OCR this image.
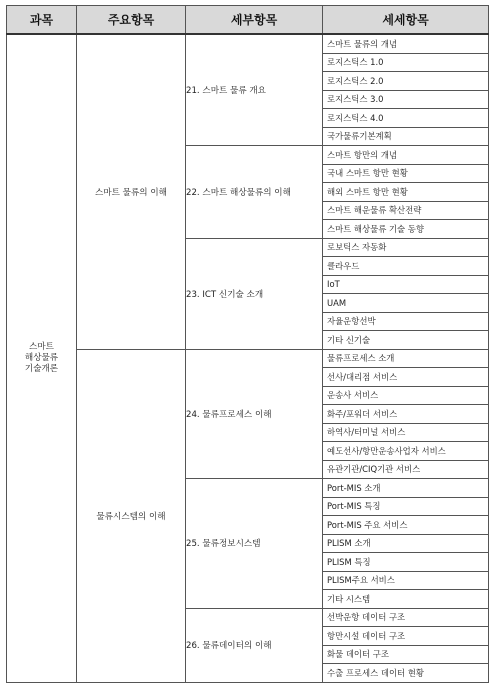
과목	주요항목	세부항목	세세항목
스마트
해상물류
기술개론	스마트 물류의 이해	21. 스마트 물류 개요	스마트 물류의 개념
			로지스틱스 1.0
			로지스틱스 2.0
			로지스틱스 3.0
			로지스틱스 4.0
			국가물류기본계획
		22. 스마트 해상물류의 이해	스마트 항만의 개념
			국내 스마트 항만 현황
			해외 스마트 항만 현황
			스마트 해운물류 확산전략
			스마트 해상물류 기술 동향
		23. ICT 신기술 소개	로보틱스 자동화
			클라우드
			IoT
			UAM
			자율운항선박
			기타 신기술
	물류시스템의 이해	24. 물류프로세스 이해	물류프로세스 소개
			선사/대리점 서비스
			운송사 서비스
			화주/포워더 서비스
			하역사/터미널 서비스
			예도선사/항만운송사업자 서비스
			유관기관/CIQ기관 서비스
		25. 물류정보시스템	Port-MIS 소개
			Port-MIS 특징
			Port-MIS 주요 서비스
			PLISM 소개
			PLISM 특징
			PLISM주요 서비스
			기타 시스템
		26. 물류데이터의 이해	선박운항 데이터 구조
			항만시설 데이터 구조
			화물 데이터 구조
			수출 프로세스 데이터 현황
